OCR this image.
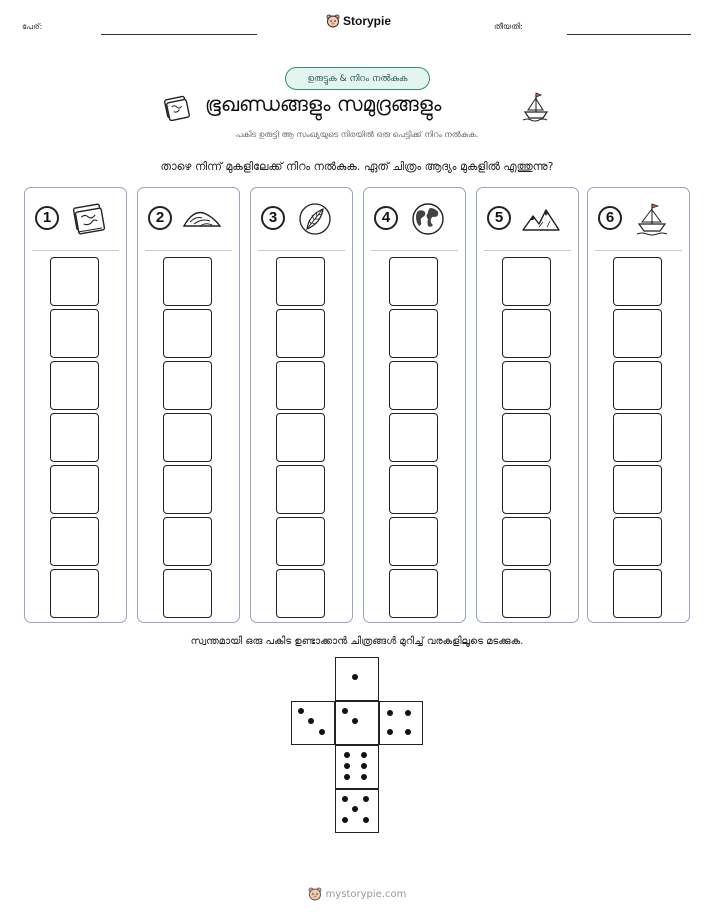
പേര്:	Storypie	തീയതി:
ഉരുട്ടുക & നിറം നൽകുക
ഭൂഖണ്ഡങ്ങളും സമുദ്രങ്ങളും
പകിട ഉരുട്ടി ആ സംഖ്യയുടെ നിരയിൽ ഒരു പെട്ടിക്ക് നിറം നൽകുക.
താഴെ നിന്ന് മുകളിലേക്ക് നിറം നൽകുക. ഏത് ചിത്രം ആദ്യം മുകളിൽ എത്തുന്നു?
1	2	3	4	5	6
സ്വന്തമായി ഒരു പകിട ഉണ്ടാക്കാൻ ചിത്രങ്ങൾ മുറിച്ച് വരകളിലൂടെ മടക്കുക.
mystorypie.com
